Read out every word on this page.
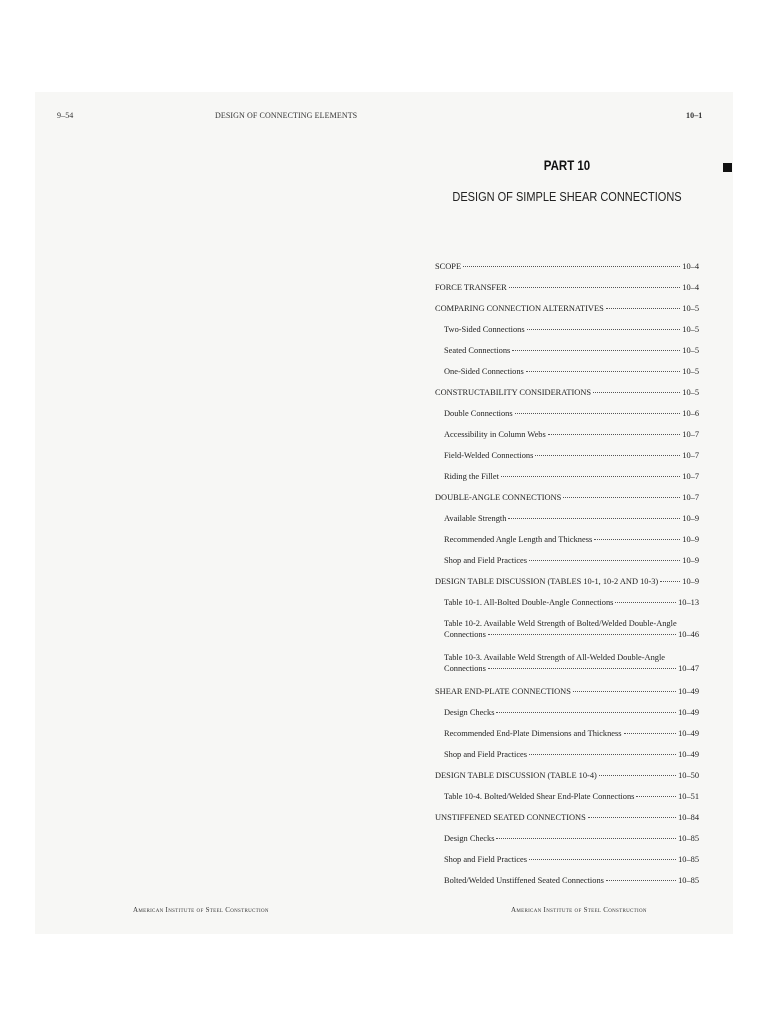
9–54	DESIGN OF CONNECTING ELEMENTS	10–1
PART 10
DESIGN OF SIMPLE SHEAR CONNECTIONS
SCOPE	10–4
FORCE TRANSFER	10–4
COMPARING CONNECTION ALTERNATIVES	10–5
Two-Sided Connections	10–5
Seated Connections	10–5
One-Sided Connections	10–5
CONSTRUCTABILITY CONSIDERATIONS	10–5
Double Connections	10–6
Accessibility in Column Webs	10–7
Field-Welded Connections	10–7
Riding the Fillet	10–7
DOUBLE-ANGLE CONNECTIONS	10–7
Available Strength	10–9
Recommended Angle Length and Thickness	10–9
Shop and Field Practices	10–9
DESIGN TABLE DISCUSSION (TABLES 10-1, 10-2 AND 10-3)	10–9
Table 10-1. All-Bolted Double-Angle Connections	10–13
Table 10-2. Available Weld Strength of Bolted/Welded Double-Angle
Connections	10–46
Table 10-3. Available Weld Strength of All-Welded Double-Angle
Connections	10–47
SHEAR END-PLATE CONNECTIONS	10–49
Design Checks	10–49
Recommended End-Plate Dimensions and Thickness	10–49
Shop and Field Practices	10–49
DESIGN TABLE DISCUSSION (TABLE 10-4)	10–50
Table 10-4. Bolted/Welded Shear End-Plate Connections	10–51
UNSTIFFENED SEATED CONNECTIONS	10–84
Design Checks	10–85
Shop and Field Practices	10–85
Bolted/Welded Unstiffened Seated Connections	10–85
American Institute of Steel Construction	American Institute of Steel Construction
